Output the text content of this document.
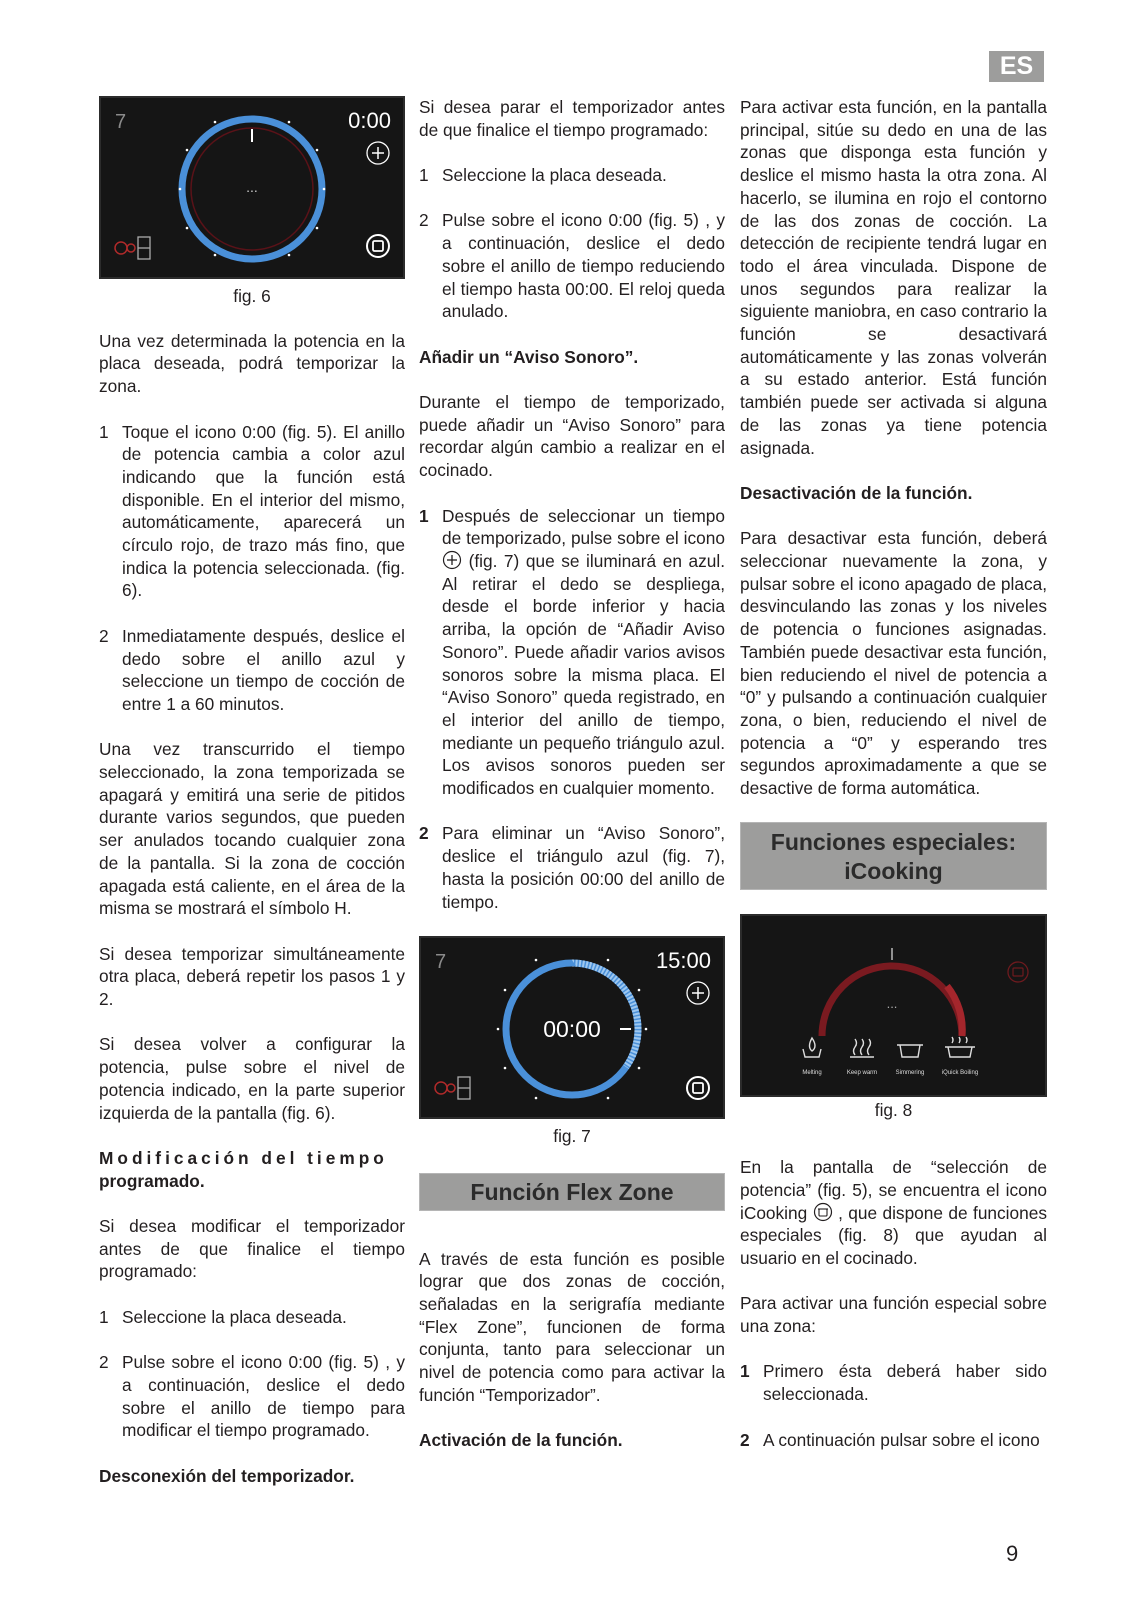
ES
7	0:00
...
fig. 6

Una vez determinada la potencia en la placa deseada, podrá temporizar la zona.

1 Toque el icono 0:00 (fig. 5). El anillo de potencia cambia a color azul indicando que la función está disponible. En el interior del mismo, automáticamente, aparecerá un círculo rojo, de trazo más fino, que indica la potencia seleccionada. (fig. 6).
2 Inmediatamente después, deslice el dedo sobre el anillo azul y seleccione un tiempo de cocción de entre 1 a 60 minutos.

Una vez transcurrido el tiempo seleccionado, la zona temporizada se apagará y emitirá una serie de pitidos durante varios segundos, que pueden ser anulados tocando cualquier zona de la pantalla. Si la zona de cocción apagada está caliente, en el área de la misma se mostrará el símbolo H.

Si desea temporizar simultáneamente otra placa, deberá repetir los pasos 1 y 2.

Si desea volver a configurar la potencia, pulse sobre el nivel de potencia indicado, en la parte superior izquierda de la pantalla (fig. 6).

Modificación del tiempo
programado.

Si desea modificar el temporizador antes de que finalice el tiempo programado:

1 Seleccione la placa deseada.
2 Pulse sobre el icono 0:00 (fig. 5) , y a continuación, deslice el dedo sobre el anillo de tiempo para modificar el tiempo programado.

Desconexión del temporizador.

Si desea parar el temporizador antes de que finalice el tiempo programado:

1 Seleccione la placa deseada.
2 Pulse sobre el icono 0:00 (fig. 5) , y a continuación, deslice el dedo sobre el anillo de tiempo reduciendo el tiempo hasta 00:00. El reloj queda anulado.

Añadir un “Aviso Sonoro”.

Durante el tiempo de temporizado, puede añadir un “Aviso Sonoro” para recordar algún cambio a realizar en el cocinado.

1 Después de seleccionar un tiempo de temporizado, pulse sobre el icono  (fig. 7) que se iluminará en azul. Al retirar el dedo se despliega, desde el borde inferior y hacia arriba, la opción de “Añadir Aviso Sonoro”. Puede añadir varios avisos sonoros sobre la misma placa. El “Aviso Sonoro” queda registrado, en el interior del anillo de tiempo, mediante un pequeño triángulo azul. Los avisos sonoros pueden ser modificados en cualquier momento.
2 Para eliminar un “Aviso Sonoro”, deslice el triángulo azul (fig. 7), hasta la posición 00:00 del anillo de tiempo.
7	15:00
00:00
fig. 7
Función Flex Zone

A través de esta función es posible lograr que dos zonas de cocción, señaladas en la serigrafía mediante “Flex Zone”, funcionen de forma conjunta, tanto para seleccionar un nivel de potencia como para activar la función “Temporizador”.

Activación de la función.

Para activar esta función, en la pantalla principal, sitúe su dedo en una de las zonas que disponga esta función y deslice el mismo hasta la otra zona. Al hacerlo, se ilumina en rojo el contorno de las dos zonas de cocción. La detección de recipiente tendrá lugar en todo el área vinculada. Dispone de unos segundos para realizar la siguiente maniobra, en caso contrario la función se desactivará automáticamente y las zonas volverán a su estado anterior. Está función también puede ser activada si alguna de las zonas ya tiene potencia asignada.

Desactivación de la función.

Para desactivar esta función, deberá seleccionar nuevamente la zona, y pulsar sobre el icono apagado de placa, desvinculando las zonas y los niveles de potencia o funciones asignadas. También puede desactivar esta función, bien reduciendo el nivel de potencia a “0” y pulsando a continuación cualquier zona, o bien, reduciendo el nivel de potencia a “0” y esperando tres segundos aproximadamente a que se desactive de forma automática.

Funciones especiales:
iCooking
...
Melting	Keep warm	Simmering	iQuick Boiling
fig. 8

En la pantalla de “selección de potencia” (fig. 5), se encuentra el icono iCooking , que dispone de funciones especiales (fig. 8) que ayudan al usuario en el cocinado.

Para activar una función especial sobre una zona:

1 Primero ésta deberá haber sido seleccionada.
2 A continuación pulsar sobre el icono
9
